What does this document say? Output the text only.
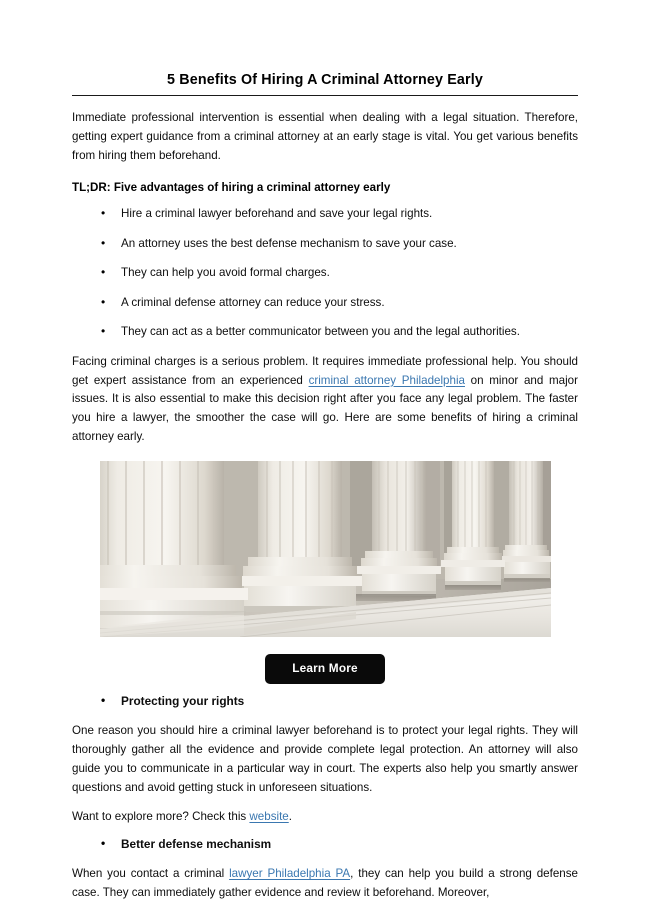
5 Benefits Of Hiring A Criminal Attorney Early

Immediate professional intervention is essential when dealing with a legal situation. Therefore, getting expert guidance from a criminal attorney at an early stage is vital. You get various benefits from hiring them beforehand.

TL;DR: Five advantages of hiring a criminal attorney early

• Hire a criminal lawyer beforehand and save your legal rights.
• An attorney uses the best defense mechanism to save your case.
• They can help you avoid formal charges.
• A criminal defense attorney can reduce your stress.
• They can act as a better communicator between you and the legal authorities.

Facing criminal charges is a serious problem. It requires immediate professional help. You should get expert assistance from an experienced criminal attorney Philadelphia on minor and major issues. It is also essential to make this decision right after you face any legal problem. The faster you hire a lawyer, the smoother the case will go. Here are some benefits of hiring a criminal attorney early.

Learn More
• Protecting your rights

One reason you should hire a criminal lawyer beforehand is to protect your legal rights. They will thoroughly gather all the evidence and provide complete legal protection. An attorney will also guide you to communicate in a particular way in court. The experts also help you smartly answer questions and avoid getting stuck in unforeseen situations.

Want to explore more? Check this website.

• Better defense mechanism

When you contact a criminal lawyer Philadelphia PA, they can help you build a strong defense case. They can immediately gather evidence and review it beforehand. Moreover,
